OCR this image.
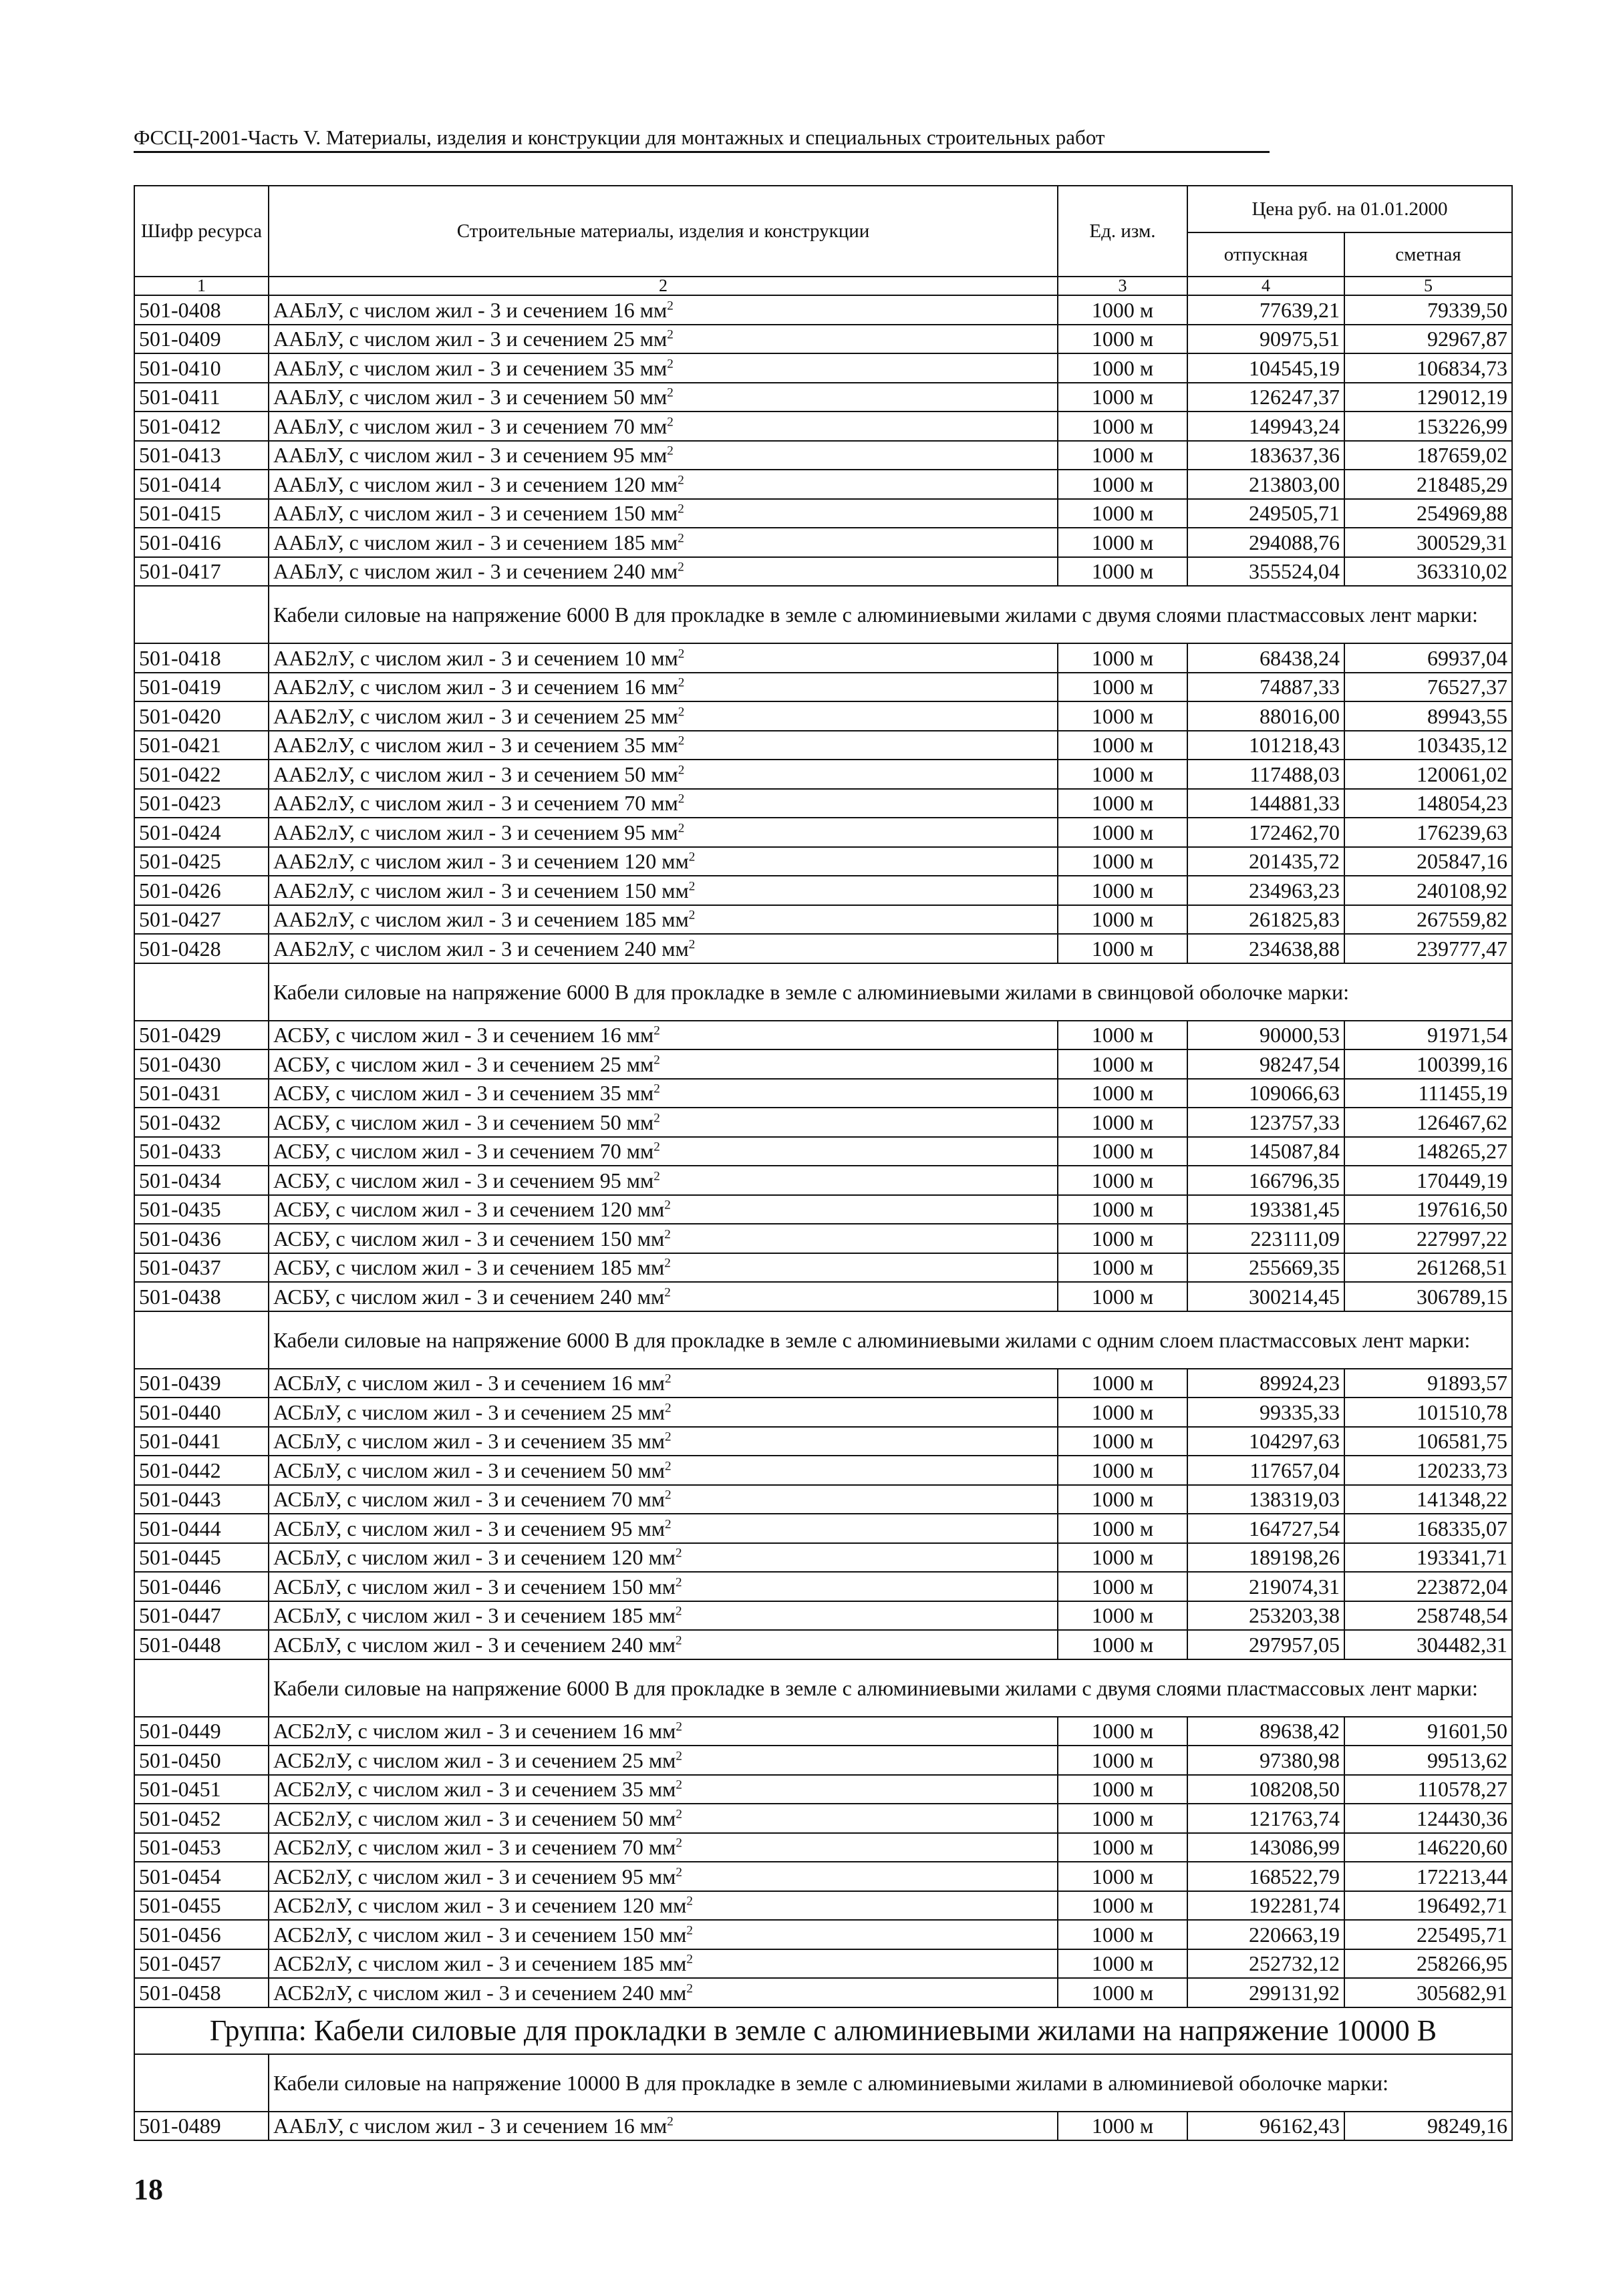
ФССЦ-2001-Часть V. Материалы, изделия и конструкции для монтажных и специальных строительных работ
Шифр ресурса	Строительные материалы, изделия и конструкции	Ед. изм.	Цена руб. на 01.01.2000	
			отпускная	сметная
1	2	3	4	5
501-0408	ААБлУ, с числом жил - 3 и сечением 16 $мм^2$	1000 м	77639,21	79339,50
501-0409	ААБлУ, с числом жил - 3 и сечением 25 $мм^2$	1000 м	90975,51	92967,87
501-0410	ААБлУ, с числом жил - 3 и сечением 35 $мм^2$	1000 м	104545,19	106834,73
501-0411	ААБлУ, с числом жил - 3 и сечением 50 $мм^2$	1000 м	126247,37	129012,19
501-0412	ААБлУ, с числом жил - 3 и сечением 70 $мм^2$	1000 м	149943,24	153226,99
501-0413	ААБлУ, с числом жил - 3 и сечением 95 $мм^2$	1000 м	183637,36	187659,02
501-0414	ААБлУ, с числом жил - 3 и сечением 120 $мм^2$	1000 м	213803,00	218485,29
501-0415	ААБлУ, с числом жил - 3 и сечением 150 $мм^2$	1000 м	249505,71	254969,88
501-0416	ААБлУ, с числом жил - 3 и сечением 185 $мм^2$	1000 м	294088,76	300529,31
501-0417	ААБлУ, с числом жил - 3 и сечением 240 $мм^2$	1000 м	355524,04	363310,02
	Кабели силовые на напряжение 6000 В для прокладке в земле с алюминиевыми жилами с двумя слоями пластмассовых лент марки:			
501-0418	ААБ2лУ, с числом жил - 3 и сечением 10 $мм^2$	1000 м	68438,24	69937,04
501-0419	ААБ2лУ, с числом жил - 3 и сечением 16 $мм^2$	1000 м	74887,33	76527,37
501-0420	ААБ2лУ, с числом жил - 3 и сечением 25 $мм^2$	1000 м	88016,00	89943,55
501-0421	ААБ2лУ, с числом жил - 3 и сечением 35 $мм^2$	1000 м	101218,43	103435,12
501-0422	ААБ2лУ, с числом жил - 3 и сечением 50 $мм^2$	1000 м	117488,03	120061,02
501-0423	ААБ2лУ, с числом жил - 3 и сечением 70 $мм^2$	1000 м	144881,33	148054,23
501-0424	ААБ2лУ, с числом жил - 3 и сечением 95 $мм^2$	1000 м	172462,70	176239,63
501-0425	ААБ2лУ, с числом жил - 3 и сечением 120 $мм^2$	1000 м	201435,72	205847,16
501-0426	ААБ2лУ, с числом жил - 3 и сечением 150 $мм^2$	1000 м	234963,23	240108,92
501-0427	ААБ2лУ, с числом жил - 3 и сечением 185 $мм^2$	1000 м	261825,83	267559,82
501-0428	ААБ2лУ, с числом жил - 3 и сечением 240 $мм^2$	1000 м	234638,88	239777,47
	Кабели силовые на напряжение 6000 В для прокладке в земле с алюминиевыми жилами в свинцовой оболочке марки:			
501-0429	АСБУ, с числом жил - 3 и сечением 16 $мм^2$	1000 м	90000,53	91971,54
501-0430	АСБУ, с числом жил - 3 и сечением 25 $мм^2$	1000 м	98247,54	100399,16
501-0431	АСБУ, с числом жил - 3 и сечением 35 $мм^2$	1000 м	109066,63	111455,19
501-0432	АСБУ, с числом жил - 3 и сечением 50 $мм^2$	1000 м	123757,33	126467,62
501-0433	АСБУ, с числом жил - 3 и сечением 70 $мм^2$	1000 м	145087,84	148265,27
501-0434	АСБУ, с числом жил - 3 и сечением 95 $мм^2$	1000 м	166796,35	170449,19
501-0435	АСБУ, с числом жил - 3 и сечением 120 $мм^2$	1000 м	193381,45	197616,50
501-0436	АСБУ, с числом жил - 3 и сечением 150 $мм^2$	1000 м	223111,09	227997,22
501-0437	АСБУ, с числом жил - 3 и сечением 185 $мм^2$	1000 м	255669,35	261268,51
501-0438	АСБУ, с числом жил - 3 и сечением 240 $мм^2$	1000 м	300214,45	306789,15
	Кабели силовые на напряжение 6000 В для прокладке в земле с алюминиевыми жилами с одним слоем пластмассовых лент марки:			
501-0439	АСБлУ, с числом жил - 3 и сечением 16 $мм^2$	1000 м	89924,23	91893,57
501-0440	АСБлУ, с числом жил - 3 и сечением 25 $мм^2$	1000 м	99335,33	101510,78
501-0441	АСБлУ, с числом жил - 3 и сечением 35 $мм^2$	1000 м	104297,63	106581,75
501-0442	АСБлУ, с числом жил - 3 и сечением 50 $мм^2$	1000 м	117657,04	120233,73
501-0443	АСБлУ, с числом жил - 3 и сечением 70 $мм^2$	1000 м	138319,03	141348,22
501-0444	АСБлУ, с числом жил - 3 и сечением 95 $мм^2$	1000 м	164727,54	168335,07
501-0445	АСБлУ, с числом жил - 3 и сечением 120 $мм^2$	1000 м	189198,26	193341,71
501-0446	АСБлУ, с числом жил - 3 и сечением 150 $мм^2$	1000 м	219074,31	223872,04
501-0447	АСБлУ, с числом жил - 3 и сечением 185 $мм^2$	1000 м	253203,38	258748,54
501-0448	АСБлУ, с числом жил - 3 и сечением 240 $мм^2$	1000 м	297957,05	304482,31
	Кабели силовые на напряжение 6000 В для прокладке в земле с алюминиевыми жилами с двумя слоями пластмассовых лент марки:			
501-0449	АСБ2лУ, с числом жил - 3 и сечением 16 $мм^2$	1000 м	89638,42	91601,50
501-0450	АСБ2лУ, с числом жил - 3 и сечением 25 $мм^2$	1000 м	97380,98	99513,62
501-0451	АСБ2лУ, с числом жил - 3 и сечением 35 $мм^2$	1000 м	108208,50	110578,27
501-0452	АСБ2лУ, с числом жил - 3 и сечением 50 $мм^2$	1000 м	121763,74	124430,36
501-0453	АСБ2лУ, с числом жил - 3 и сечением 70 $мм^2$	1000 м	143086,99	146220,60
501-0454	АСБ2лУ, с числом жил - 3 и сечением 95 $мм^2$	1000 м	168522,79	172213,44
501-0455	АСБ2лУ, с числом жил - 3 и сечением 120 $мм^2$	1000 м	192281,74	196492,71
501-0456	АСБ2лУ, с числом жил - 3 и сечением 150 $мм^2$	1000 м	220663,19	225495,71
501-0457	АСБ2лУ, с числом жил - 3 и сечением 185 $мм^2$	1000 м	252732,12	258266,95
501-0458	АСБ2лУ, с числом жил - 3 и сечением 240 $мм^2$	1000 м	299131,92	305682,91
Группа: Кабели силовые для прокладки в земле с алюминиевыми жилами на напряжение 10000 В				
	Кабели силовые на напряжение 10000 В для прокладке в земле с алюминиевыми жилами в алюминиевой оболочке марки:			
501-0489	ААБлУ, с числом жил - 3 и сечением 16 $мм^2$	1000 м	96162,43	98249,16
18
